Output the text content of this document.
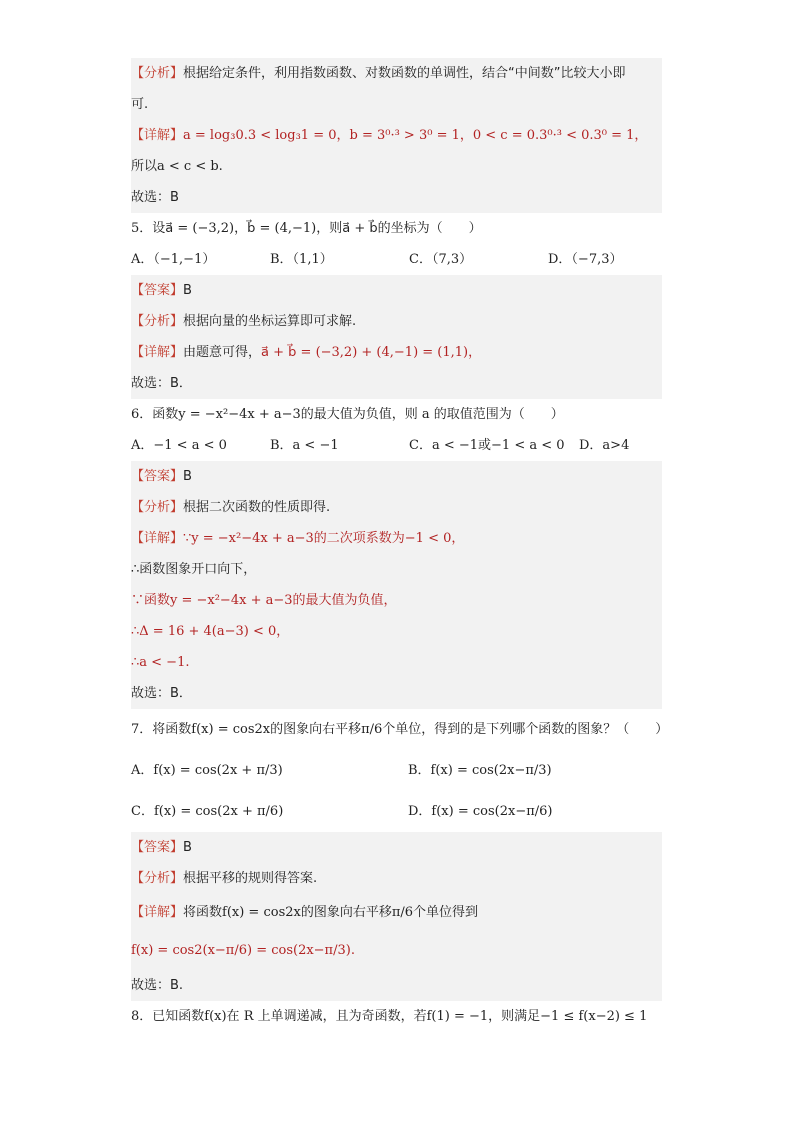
【分析】根据给定条件，利用指数函数、对数函数的单调性，结合“中间数”比较大小即
可.
【详解】a = log₃0.3 < log₃1 = 0，b = 3⁰·³ > 3⁰ = 1，0 < c = 0.3⁰·³ < 0.3⁰ = 1，
所以a < c < b.
故选：B
5．设a⃗ = (−3,2)，b⃗ = (4,−1)，则a⃗ + b⃗的坐标为（　　）
A．（−1,−1）	B．（1,1）	C．（7,3）	D．（−7,3）
【答案】B
【分析】根据向量的坐标运算即可求解.
【详解】由题意可得，a⃗ + b⃗ = (−3,2) + (4,−1) = (1,1)，
故选：B．
6．函数y = −x²−4x + a−3的最大值为负值，则 a 的取值范围为（　　）
A．−1 < a < 0	B．a < −1	C．a < −1或−1 < a < 0	D．a>4
【答案】B
【分析】根据二次函数的性质即得.
【详解】∵y = −x²−4x + a−3的二次项系数为−1 < 0，
∴函数图象开口向下，
∵函数y = −x²−4x + a−3的最大值为负值，
∴Δ = 16 + 4(a−3) < 0，
∴a < −1.
故选：B．
7．将函数f(x) = cos2x的图象向右平移π/6个单位，得到的是下列哪个函数的图象？（　　）
A．f(x) = cos(2x + π/3)	B．f(x) = cos(2x−π/3)
C．f(x) = cos(2x + π/6)	D．f(x) = cos(2x−π/6)
【答案】B
【分析】根据平移的规则得答案.
【详解】将函数f(x) = cos2x的图象向右平移π/6个单位得到
f(x) = cos2(x−π/6) = cos(2x−π/3).
故选：B.
8．已知函数f(x)在 R 上单调递减，且为奇函数，若f(1) = −1，则满足−1 ≤ f(x−2) ≤ 1
